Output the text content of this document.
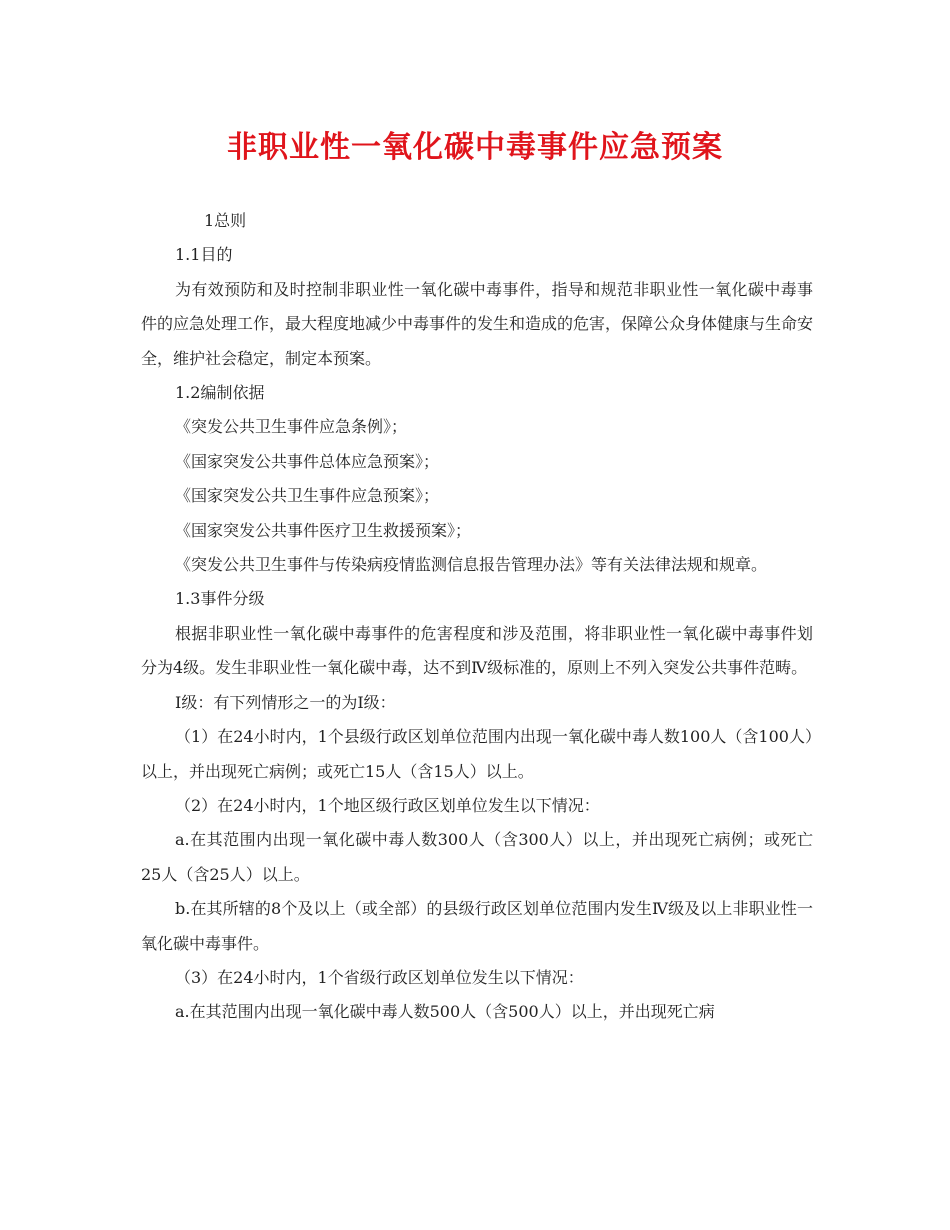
非职业性一氧化碳中毒事件应急预案

1总则

1.1目的

为有效预防和及时控制非职业性一氧化碳中毒事件，指导和规范非职业性一氧化碳中毒事件的应急处理工作，最大程度地减少中毒事件的发生和造成的危害，保障公众身体健康与生命安全，维护社会稳定，制定本预案。

1.2编制依据

《突发公共卫生事件应急条例》；

《国家突发公共事件总体应急预案》；

《国家突发公共卫生事件应急预案》；

《国家突发公共事件医疗卫生救援预案》；

《突发公共卫生事件与传染病疫情监测信息报告管理办法》等有关法律法规和规章。

1.3事件分级

根据非职业性一氧化碳中毒事件的危害程度和涉及范围，将非职业性一氧化碳中毒事件划分为4级。发生非职业性一氧化碳中毒，达不到Ⅳ级标准的，原则上不列入突发公共事件范畴。

Ⅰ级：有下列情形之一的为Ⅰ级：

（1）在24小时内，1个县级行政区划单位范围内出现一氧化碳中毒人数100人（含100人）以上，并出现死亡病例；或死亡15人（含15人）以上。

（2）在24小时内，1个地区级行政区划单位发生以下情况：

a.在其范围内出现一氧化碳中毒人数300人（含300人）以上，并出现死亡病例；或死亡25人（含25人）以上。

b.在其所辖的8个及以上（或全部）的县级行政区划单位范围内发生Ⅳ级及以上非职业性一氧化碳中毒事件。

（3）在24小时内，1个省级行政区划单位发生以下情况：

a.在其范围内出现一氧化碳中毒人数500人（含500人）以上，并出现死亡病
